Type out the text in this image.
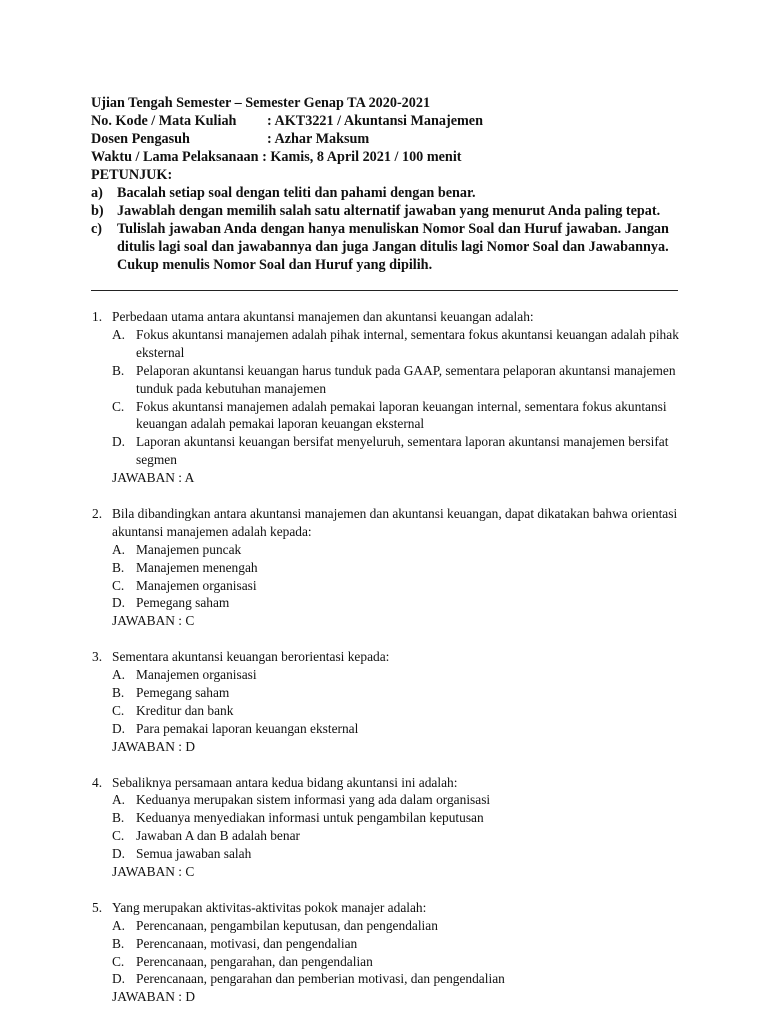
Ujian Tengah Semester – Semester Genap TA 2020-2021
No. Kode / Mata Kuliah	: AKT3221 / Akuntansi Manajemen
Dosen Pengasuh	: Azhar Maksum
Waktu / Lama Pelaksanaan : Kamis, 8 April 2021 / 100 menit
PETUNJUK:
a) Bacalah setiap soal dengan teliti dan pahami dengan benar.
b) Jawablah dengan memilih salah satu alternatif jawaban yang menurut Anda paling tepat.
c)	Tulislah jawaban Anda dengan hanya menuliskan Nomor Soal dan Huruf jawaban. Jangan ditulis lagi soal dan jawabannya dan juga Jangan ditulis lagi Nomor Soal dan Jawabannya. Cukup menulis Nomor Soal dan Huruf yang dipilih.
1. Perbedaan utama antara akuntansi manajemen dan akuntansi keuangan adalah:
A. Fokus akuntansi manajemen adalah pihak internal, sementara fokus akuntansi keuangan adalah pihak eksternal
B. Pelaporan akuntansi keuangan harus tunduk pada GAAP, sementara pelaporan akuntansi manajemen tunduk pada kebutuhan manajemen
C. Fokus akuntansi manajemen adalah pemakai laporan keuangan internal, sementara fokus akuntansi keuangan adalah pemakai laporan keuangan eksternal
D. Laporan akuntansi keuangan bersifat menyeluruh, sementara laporan akuntansi manajemen bersifat segmen
JAWABAN : A
2. Bila dibandingkan antara akuntansi manajemen dan akuntansi keuangan, dapat dikatakan bahwa orientasi akuntansi manajemen adalah kepada:
A. Manajemen puncak
B. Manajemen menengah
C. Manajemen organisasi
D. Pemegang saham
JAWABAN : C
3. Sementara akuntansi keuangan berorientasi kepada:
A. Manajemen organisasi
B. Pemegang saham
C. Kreditur dan bank
D. Para pemakai laporan keuangan eksternal
JAWABAN : D
4. Sebaliknya persamaan antara kedua bidang akuntansi ini adalah:
A. Keduanya merupakan sistem informasi yang ada dalam organisasi
B. Keduanya menyediakan informasi untuk pengambilan keputusan
C. Jawaban A dan B adalah benar
D. Semua jawaban salah
JAWABAN : C
5. Yang merupakan aktivitas-aktivitas pokok manajer adalah:
A. Perencanaan, pengambilan keputusan, dan pengendalian
B. Perencanaan, motivasi, dan pengendalian
C. Perencanaan, pengarahan, dan pengendalian
D. Perencanaan, pengarahan dan pemberian motivasi, dan pengendalian
JAWABAN : D
